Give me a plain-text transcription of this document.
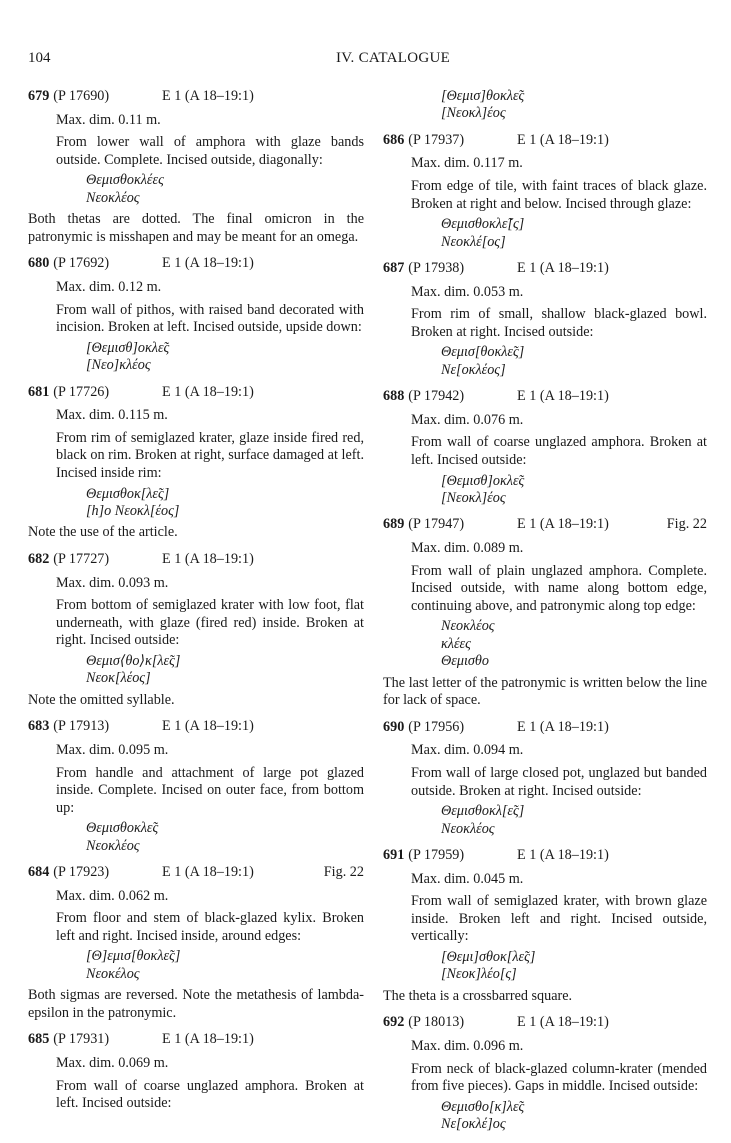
104	IV. CATALOGUE
679 (P 17690)	E 1 (A 18–19:1)

Max. dim. 0.11 m.

From lower wall of amphora with glaze bands outside. Complete. Incised outside, diagonally:

Θεμισθοκλέες
Νεοκλέος

Both thetas are dotted. The final omicron in the patronymic is misshapen and may be meant for an omega.

680 (P 17692)	E 1 (A 18–19:1)

Max. dim. 0.12 m.

From wall of pithos, with raised band decorated with incision. Broken at left. Incised outside, upside down:

[Θεμισθ]οκλε̃ς
[Νεο]κλέος
681 (P 17726)	E 1 (A 18–19:1)

Max. dim. 0.115 m.

From rim of semiglazed krater, glaze inside fired red, black on rim. Broken at right, surface damaged at left. Incised inside rim:

Θεμισθοκ[λε̃ς]
[h]ο Νεοκλ[έος]

Note the use of the article.

682 (P 17727)	E 1 (A 18–19:1)

Max. dim. 0.093 m.

From bottom of semiglazed krater with low foot, flat underneath, with glaze (fired red) inside. Broken at right. Incised outside:

Θεμισ⟨θο⟩κ[λε̃ς]
Νεοκ[λέος]

Note the omitted syllable.

683 (P 17913)	E 1 (A 18–19:1)

Max. dim. 0.095 m.

From handle and attachment of large pot glazed inside. Complete. Incised on outer face, from bottom up:

Θεμισθοκλε̃ς
Νεοκλέος
684 (P 17923)	E 1 (A 18–19:1)	Fig. 22

Max. dim. 0.062 m.

From floor and stem of black-glazed kylix. Broken left and right. Incised inside, around edges:

[Θ]εμισ[θοκλε̃ς]
Νεοκέλος

Both sigmas are reversed. Note the metathesis of lambda-epsilon in the patronymic.

685 (P 17931)	E 1 (A 18–19:1)

Max. dim. 0.069 m.

From wall of coarse unglazed amphora. Broken at left. Incised outside:

[Θεμισ]θοκλε̃ς
[Νεοκλ]έος
686 (P 17937)	E 1 (A 18–19:1)

Max. dim. 0.117 m.

From edge of tile, with faint traces of black glaze. Broken at right and below. Incised through glaze:

Θεμισθοκλε̃[ς]
Νεοκλέ[ος]
687 (P 17938)	E 1 (A 18–19:1)

Max. dim. 0.053 m.

From rim of small, shallow black-glazed bowl. Broken at right. Incised outside:

Θεμισ[θοκλε̃ς]
Νε[οκλέος]
688 (P 17942)	E 1 (A 18–19:1)

Max. dim. 0.076 m.

From wall of coarse unglazed amphora. Broken at left. Incised outside:

[Θεμισθ]οκλε̃ς
[Νεοκλ]έος
689 (P 17947)	E 1 (A 18–19:1)	Fig. 22

Max. dim. 0.089 m.

From wall of plain unglazed amphora. Complete. Incised outside, with name along bottom edge, continuing above, and patronymic along top edge:

Νεοκλέος
κλέες
Θεμισθο

The last letter of the patronymic is written below the line for lack of space.

690 (P 17956)	E 1 (A 18–19:1)

Max. dim. 0.094 m.

From wall of large closed pot, unglazed but banded outside. Broken at right. Incised outside:

Θεμισθοκλ[ε̃ς]
Νεοκλέος
691 (P 17959)	E 1 (A 18–19:1)

Max. dim. 0.045 m.

From wall of semiglazed krater, with brown glaze inside. Broken left and right. Incised outside, vertically:

[Θεμι]σθοκ[λε̃ς]
[Νεοκ]λέο[ς]

The theta is a crossbarred square.

692 (P 18013)	E 1 (A 18–19:1)

Max. dim. 0.096 m.

From neck of black-glazed column-krater (mended from five pieces). Gaps in middle. Incised outside:

Θεμισθο[κ]λε̃ς
Νε[οκλέ]ος
